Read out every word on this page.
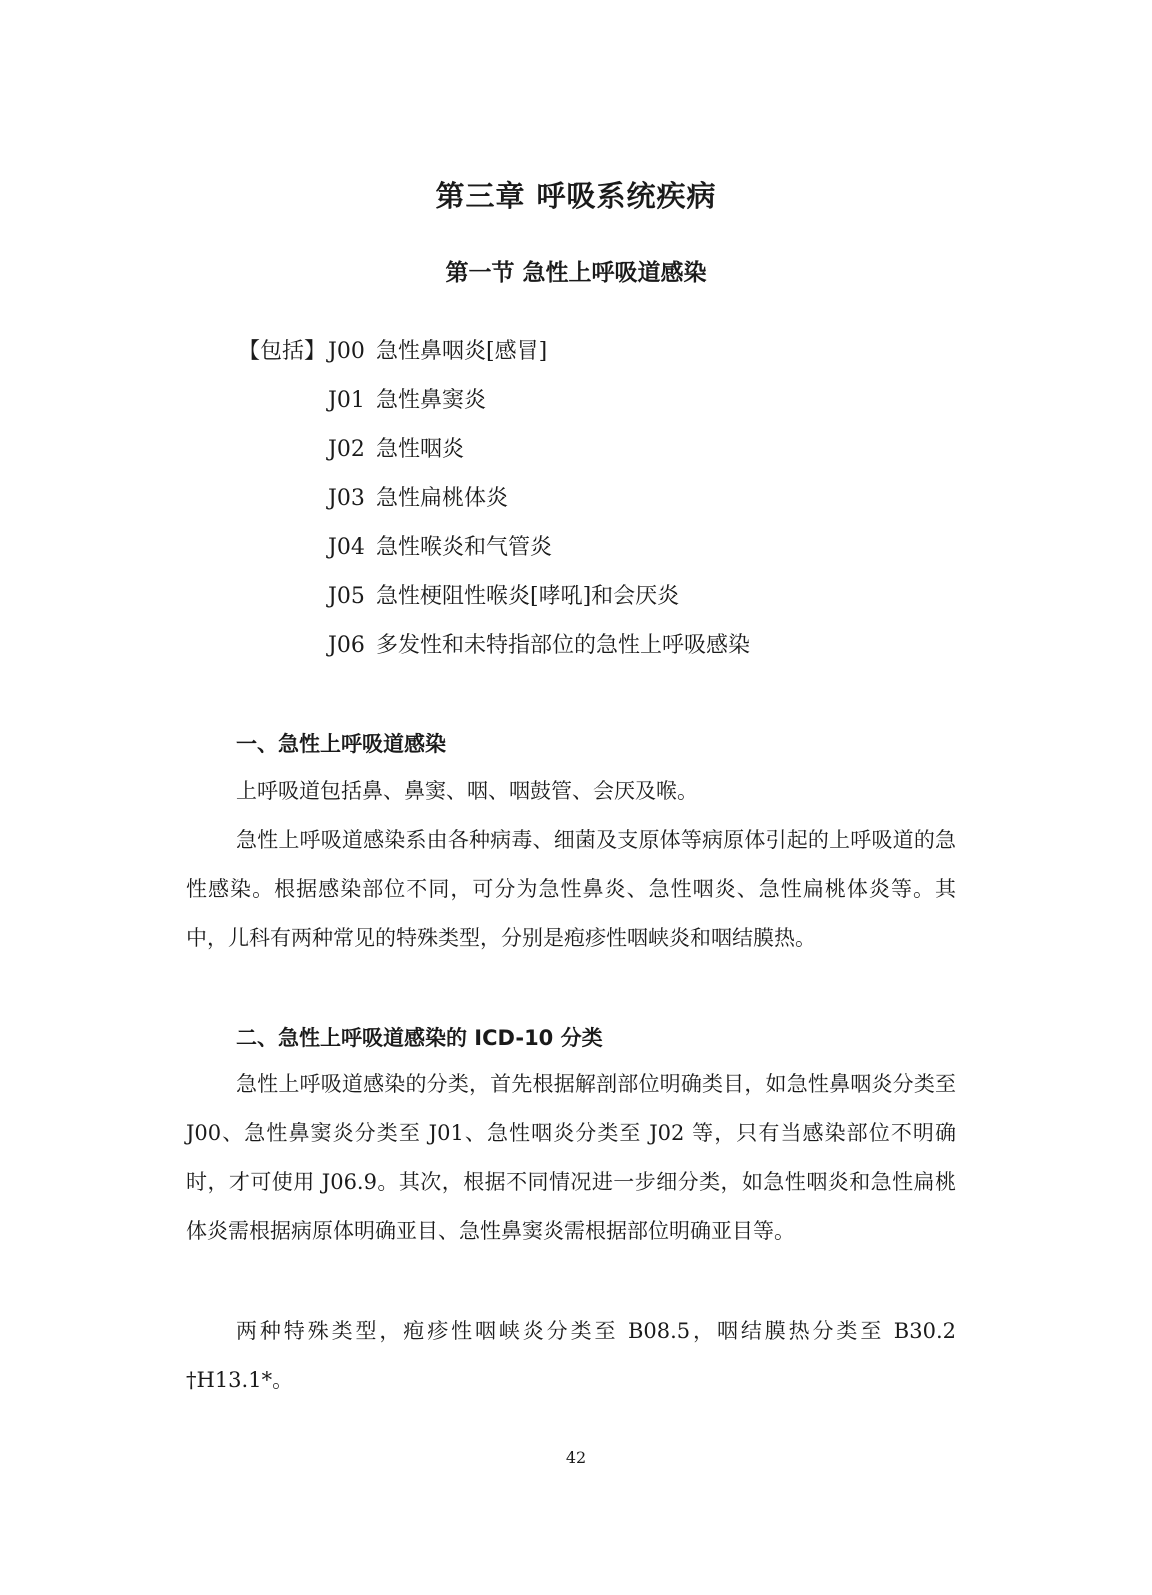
第三章 呼吸系统疾病
第一节 急性上呼吸道感染
【包括】J00 急性鼻咽炎[感冒]
J01 急性鼻窦炎
J02 急性咽炎
J03 急性扁桃体炎
J04 急性喉炎和气管炎
J05 急性梗阻性喉炎[哮吼]和会厌炎
J06 多发性和未特指部位的急性上呼吸感染
一、急性上呼吸道感染

上呼吸道包括鼻、鼻窦、咽、咽鼓管、会厌及喉。

急性上呼吸道感染系由各种病毒、细菌及支原体等病原体引起的上呼吸道的急性感染。根据感染部位不同，可分为急性鼻炎、急性咽炎、急性扁桃体炎等。其中，儿科有两种常见的特殊类型，分别是疱疹性咽峡炎和咽结膜热。

二、急性上呼吸道感染的 ICD-10 分类

急性上呼吸道感染的分类，首先根据解剖部位明确类目，如急性鼻咽炎分类至 J00、急性鼻窦炎分类至 J01、急性咽炎分类至 J02 等，只有当感染部位不明确时，才可使用 J06.9。其次，根据不同情况进一步细分类，如急性咽炎和急性扁桃体炎需根据病原体明确亚目、急性鼻窦炎需根据部位明确亚目等。

两种特殊类型，疱疹性咽峡炎分类至 B08.5，咽结膜热分类至 B30.2 †H13.1*。

42
